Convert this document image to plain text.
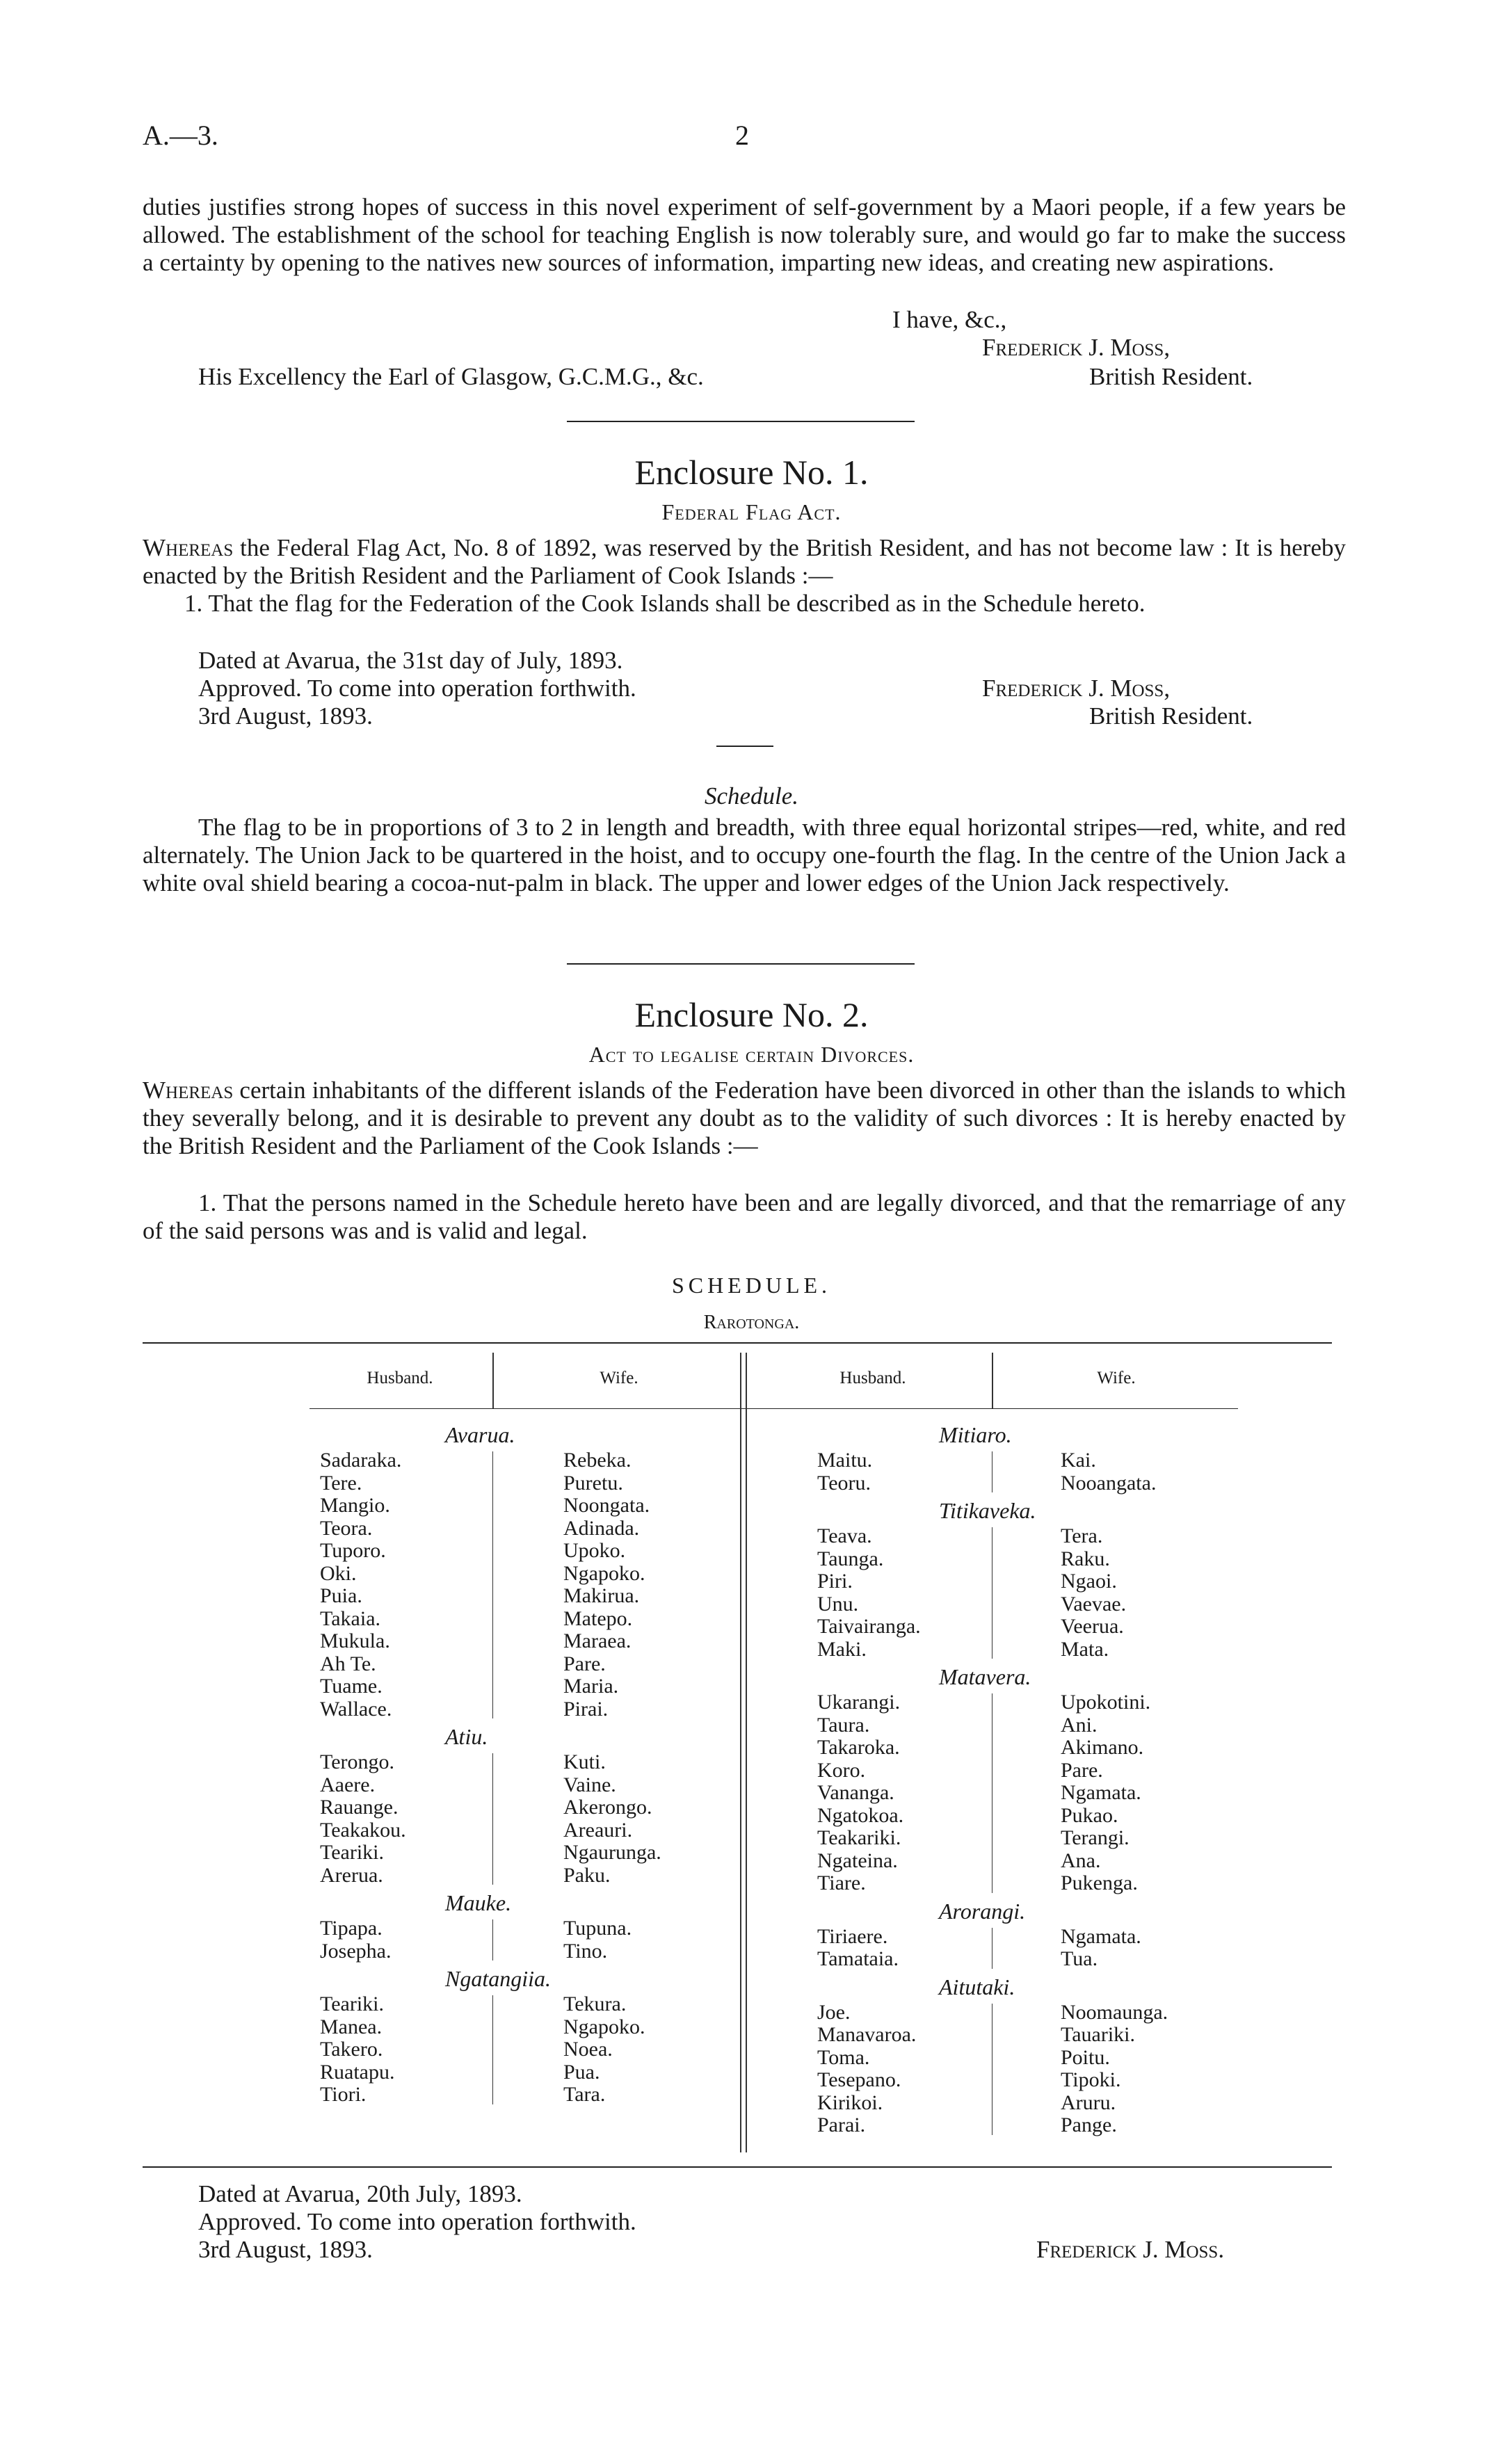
A.—3.	2
duties justifies strong hopes of success in this novel experiment of self-government by a Maori people, if a few years be allowed. The establishment of the school for teaching English is now tolerably sure, and would go far to make the success a certainty by opening to the natives new sources of information, imparting new ideas, and creating new aspirations.
I have, &c.,
Frederick J. Moss,
British Resident.
His Excellency the Earl of Glasgow, G.C.M.G., &c.
Enclosure No. 1.
Federal Flag Act.
Whereas the Federal Flag Act, No. 8 of 1892, was reserved by the British Resident, and has not become law : It is hereby enacted by the British Resident and the Parliament of Cook Islands :—
1. That the flag for the Federation of the Cook Islands shall be described as in the Schedule hereto.
Dated at Avarua, the 31st day of July, 1893.
Approved. To come into operation forthwith.
3rd August, 1893.
Frederick J. Moss,
British Resident.
Schedule.
The flag to be in proportions of 3 to 2 in length and breadth, with three equal horizontal stripes—red, white, and red alternately. The Union Jack to be quartered in the hoist, and to occupy one-fourth the flag. In the centre of the Union Jack a white oval shield bearing a cocoa-nut-palm in black. The upper and lower edges of the Union Jack respectively.
Enclosure No. 2.
Act to legalise certain Divorces.
Whereas certain inhabitants of the different islands of the Federation have been divorced in other than the islands to which they severally belong, and it is desirable to prevent any doubt as to the validity of such divorces : It is hereby enacted by the British Resident and the Parliament of the Cook Islands :—
1. That the persons named in the Schedule hereto have been and are legally divorced, and that the remarriage of any of the said persons was and is valid and legal.
SCHEDULE.
Rarotonga.
Husband.	Wife.	Husband.	Wife.
Avarua.
Sadaraka.	Rebeka.
Tere.	Puretu.
Mangio.	Noongata.
Teora.	Adinada.
Tuporo.	Upoko.
Oki.	Ngapoko.
Puia.	Makirua.
Takaia.	Matepo.
Mukula.	Maraea.
Ah Te.	Pare.
Tuame.	Maria.
Wallace.	Pirai.
Atiu.
Terongo.	Kuti.
Aaere.	Vaine.
Rauange.	Akerongo.
Teakakou.	Areauri.
Teariki.	Ngaurunga.
Arerua.	Paku.
Mauke.
Tipapa.	Tupuna.
Josepha.	Tino.
Ngatangiia.
Teariki.	Tekura.
Manea.	Ngapoko.
Takero.	Noea.
Ruatapu.	Pua.
Tiori.	Tara.
Mitiaro.
Maitu.	Kai.
Teoru.	Nooangata.
Titikaveka.
Teava.	Tera.
Taunga.	Raku.
Piri.	Ngaoi.
Unu.	Vaevae.
Taivairanga.	Veerua.
Maki.	Mata.
Matavera.
Ukarangi.	Upokotini.
Taura.	Ani.
Takaroka.	Akimano.
Koro.	Pare.
Vananga.	Ngamata.
Ngatokoa.	Pukao.
Teakariki.	Terangi.
Ngateina.	Ana.
Tiare.	Pukenga.
Arorangi.
Tiriaere.	Ngamata.
Tamataia.	Tua.
Aitutaki.
Joe.	Noomaunga.
Manavaroa.	Tauariki.
Toma.	Poitu.
Tesepano.	Tipoki.
Kirikoi.	Aruru.
Parai.	Pange.
Dated at Avarua, 20th July, 1893.
Approved. To come into operation forthwith.
3rd August, 1893.	Frederick J. Moss.
